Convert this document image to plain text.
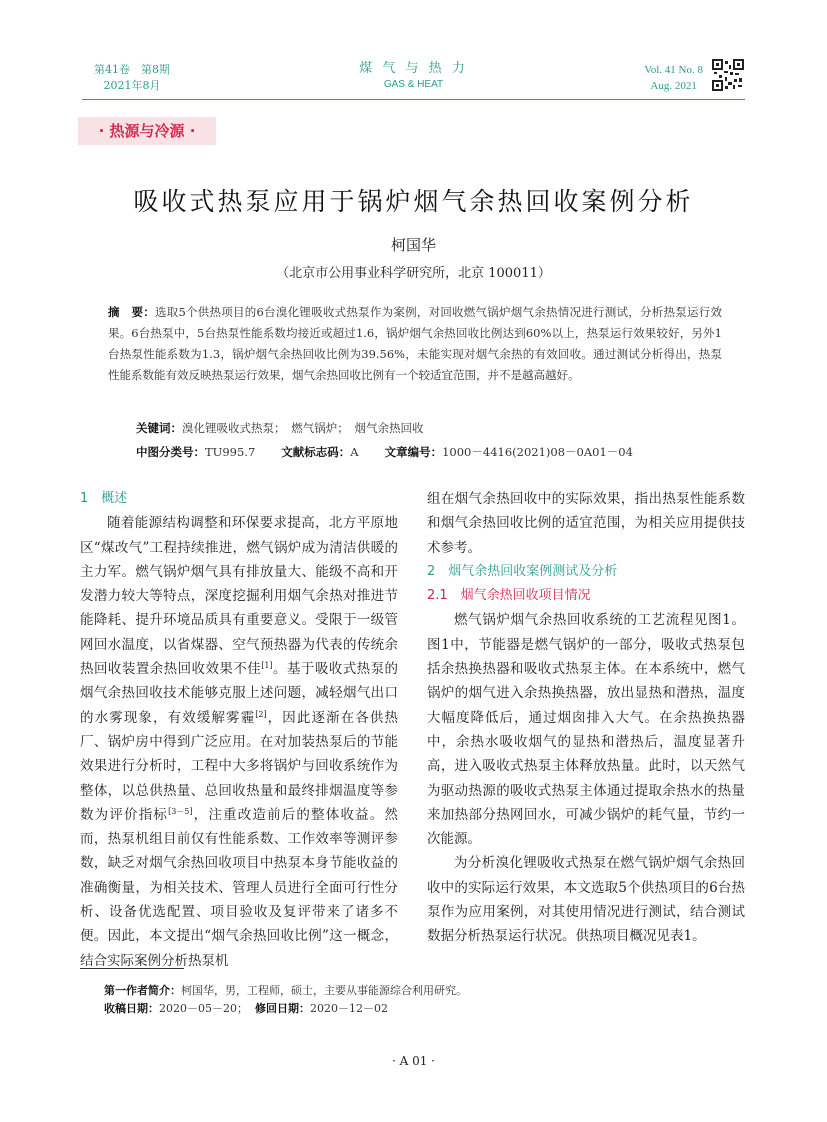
第41卷　第8期
2021年8月
煤 气 与 热 力
GAS & HEAT
Vol. 41 No. 8
Aug. 2021
· 热源与冷源 ·
吸收式热泵应用于锅炉烟气余热回收案例分析
柯国华
（北京市公用事业科学研究所，北京 100011）
摘　要：选取5个供热项目的6台溴化锂吸收式热泵作为案例，对回收燃气锅炉烟气余热情况进行测试，分析热泵运行效果。6台热泵中，5台热泵性能系数均接近或超过1.6，锅炉烟气余热回收比例达到60%以上，热泵运行效果较好，另外1台热泵性能系数为1.3，锅炉烟气余热回收比例为39.56%，未能实现对烟气余热的有效回收。通过测试分析得出，热泵性能系数能有效反映热泵运行效果，烟气余热回收比例有一个较适宜范围，并不是越高越好。
关键词：溴化锂吸收式热泵；　燃气锅炉；　烟气余热回收
中图分类号：TU995.7 文献标志码：A 文章编号：1000－4416(2021)08－0A01－04
1　概述

随着能源结构调整和环保要求提高，北方平原地区“煤改气”工程持续推进，燃气锅炉成为清洁供暖的主力军。燃气锅炉烟气具有排放量大、能级不高和开发潜力较大等特点，深度挖掘利用烟气余热对推进节能降耗、提升环境品质具有重要意义。受限于一级管网回水温度，以省煤器、空气预热器为代表的传统余热回收装置余热回收效果不佳[1]。基于吸收式热泵的烟气余热回收技术能够克服上述问题，减轻烟气出口的水雾现象，有效缓解雾霾[2]，因此逐渐在各供热厂、锅炉房中得到广泛应用。在对加装热泵后的节能效果进行分析时，工程中大多将锅炉与回收系统作为整体，以总供热量、总回收热量和最终排烟温度等参数为评价指标[3－5]，注重改造前后的整体收益。然而，热泵机组目前仅有性能系数、工作效率等测评参数，缺乏对烟气余热回收项目中热泵本身节能收益的准确衡量，为相关技术、管理人员进行全面可行性分析、设备优选配置、项目验收及复评带来了诸多不便。因此，本文提出“烟气余热回收比例”这一概念，结合实际案例分析热泵机

组在烟气余热回收中的实际效果，指出热泵性能系数和烟气余热回收比例的适宜范围，为相关应用提供技术参考。

2　烟气余热回收案例测试及分析
2.1　烟气余热回收项目情况

燃气锅炉烟气余热回收系统的工艺流程见图1。图1中，节能器是燃气锅炉的一部分，吸收式热泵包括余热换热器和吸收式热泵主体。在本系统中，燃气锅炉的烟气进入余热换热器，放出显热和潜热，温度大幅度降低后，通过烟囱排入大气。在余热换热器中，余热水吸收烟气的显热和潜热后，温度显著升高，进入吸收式热泵主体释放热量。此时，以天然气为驱动热源的吸收式热泵主体通过提取余热水的热量来加热部分热网回水，可减少锅炉的耗气量，节约一次能源。

为分析溴化锂吸收式热泵在燃气锅炉烟气余热回收中的实际运行效果，本文选取5个供热项目的6台热泵作为应用案例，对其使用情况进行测试，结合测试数据分析热泵运行状况。供热项目概况见表1。

第一作者简介：柯国华，男，工程师，硕士，主要从事能源综合利用研究。
收稿日期：2020－05－20； 修回日期：2020－12－02
· A 01 ·
